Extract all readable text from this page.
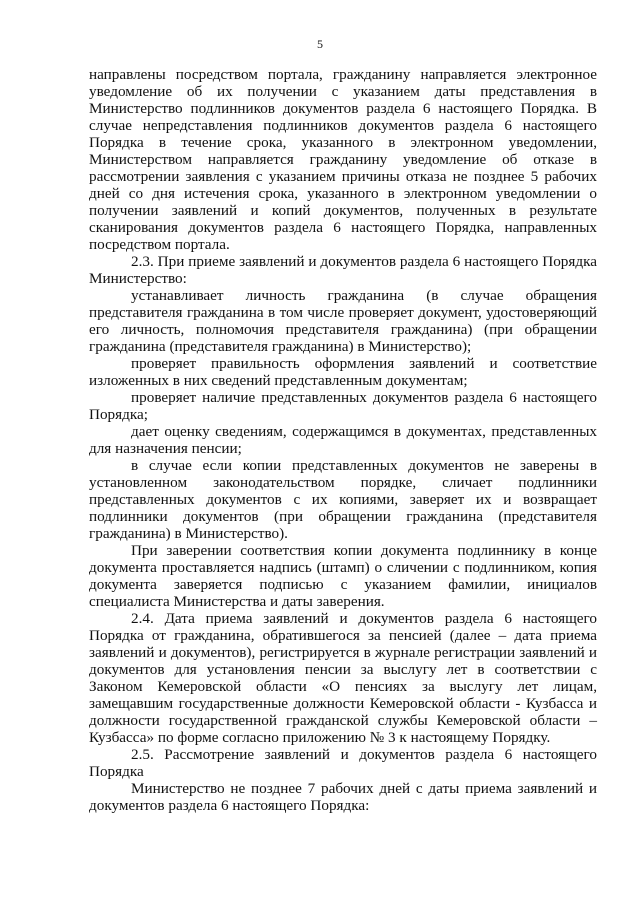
5

направлены посредством портала, гражданину направляется электронное уведомление об их получении с указанием даты представления в Министерство подлинников документов раздела 6 настоящего Порядка. В случае непредставления подлинников документов раздела 6 настоящего Порядка в течение срока, указанного в электронном уведомлении, Министерством направляется гражданину уведомление об отказе в рассмотрении заявления с указанием причины отказа не позднее 5 рабочих дней со дня истечения срока, указанного в электронном уведомлении о получении заявлений и копий документов, полученных в результате сканирования документов раздела 6 настоящего Порядка, направленных посредством портала.

2.3. При приеме заявлений и документов раздела 6 настоящего Порядка Министерство:

устанавливает личность гражданина (в случае обращения представителя гражданина в том числе проверяет документ, удостоверяющий его личность, полномочия представителя гражданина) (при обращении гражданина (представителя гражданина) в Министерство);

проверяет правильность оформления заявлений и соответствие изложенных в них сведений представленным документам;

проверяет наличие представленных документов раздела 6 настоящего Порядка;

дает оценку сведениям, содержащимся в документах, представленных для назначения пенсии;

в случае если копии представленных документов не заверены в установленном законодательством порядке, сличает подлинники представленных документов с их копиями, заверяет их и возвращает подлинники документов (при обращении гражданина (представителя гражданина) в Министерство).

При заверении соответствия копии документа подлиннику в конце документа проставляется надпись (штамп) о сличении с подлинником, копия документа заверяется подписью с указанием фамилии, инициалов специалиста Министерства и даты заверения.

2.4. Дата приема заявлений и документов раздела 6 настоящего Порядка от гражданина, обратившегося за пенсией (далее – дата приема заявлений и документов), регистрируется в журнале регистрации заявлений и документов для установления пенсии за выслугу лет в соответствии с Законом Кемеровской области «О пенсиях за выслугу лет лицам, замещавшим государственные должности Кемеровской области - Кузбасса и должности государственной гражданской службы Кемеровской области – Кузбасса» по форме согласно приложению № 3 к настоящему Порядку.

2.5. Рассмотрение заявлений и документов раздела 6 настоящего Порядка

Министерство не позднее 7 рабочих дней с даты приема заявлений и документов раздела 6 настоящего Порядка:
